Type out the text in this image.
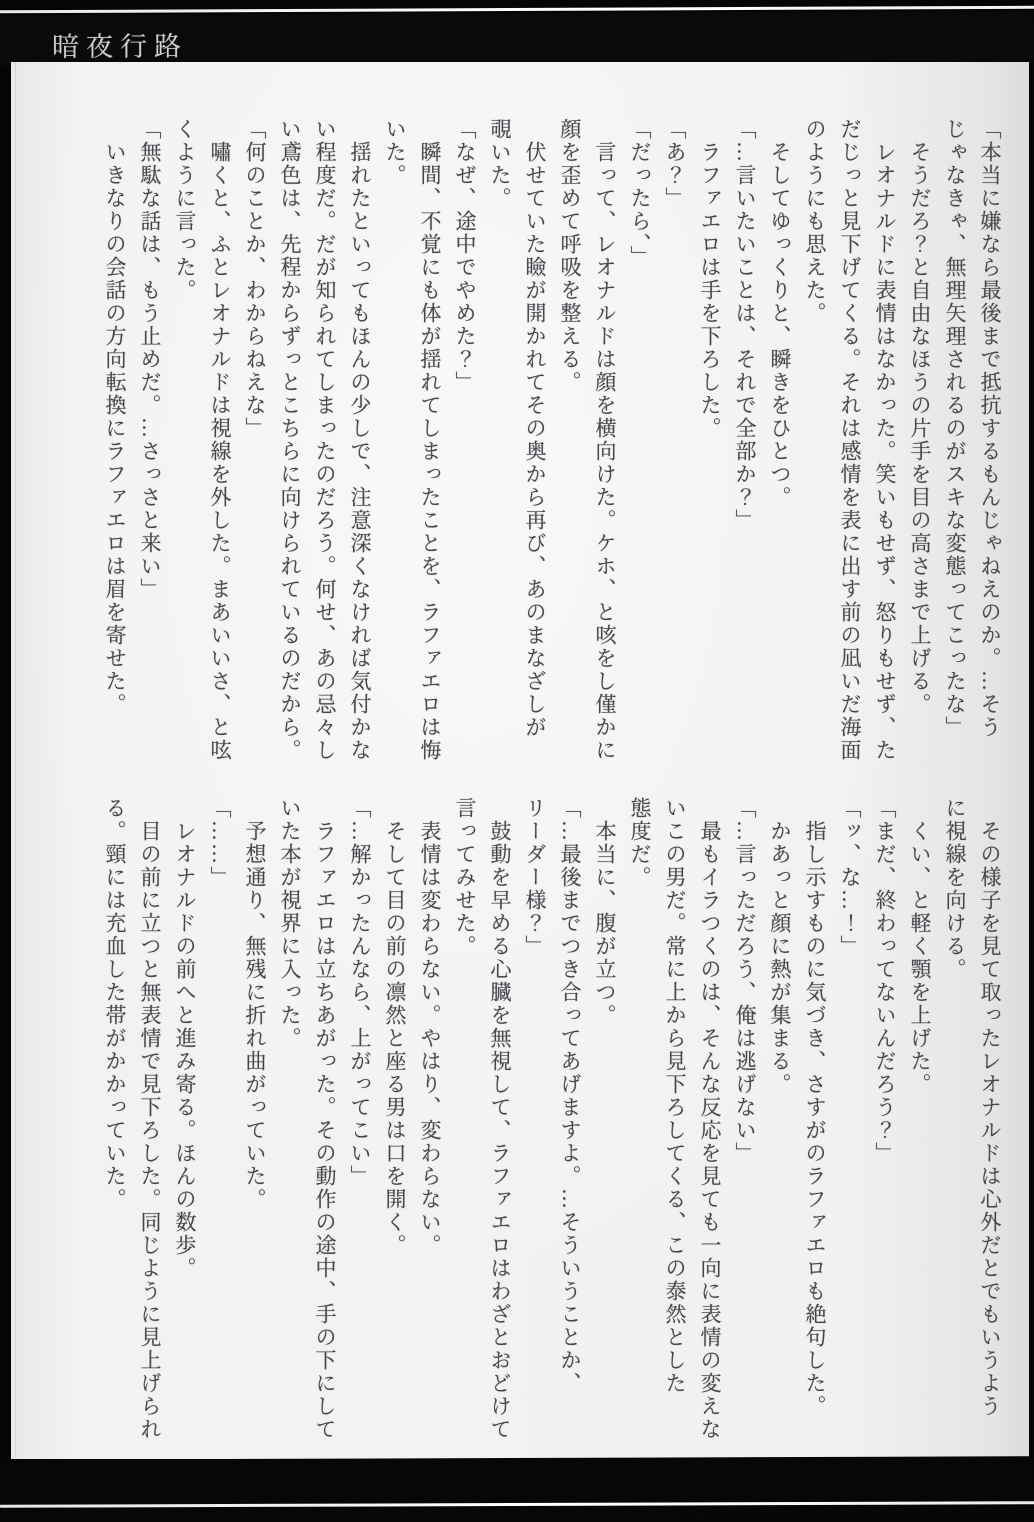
暗夜行路

「本当に嫌なら最後まで抵抗するもんじゃねえのか。…そう

じゃなきゃ、無理矢理されるのがスキな変態ってこったな」

　そうだろ？と自由なほうの片手を目の高さまで上げる。

　レオナルドに表情はなかった。笑いもせず、怒りもせず、た

だじっと見下げてくる。それは感情を表に出す前の凪いだ海面

のようにも思えた。

　そしてゆっくりと、瞬きをひとつ。

「…言いたいことは、それで全部か？」

　ラファエロは手を下ろした。

「あ？」

「だったら、」

　言って、レオナルドは顔を横向けた。ケホ、と咳をし僅かに

顔を歪めて呼吸を整える。

　伏せていた瞼が開かれてその奥から再び、あのまなざしが

覗いた。

「なぜ、途中でやめた？」

　瞬間、不覚にも体が揺れてしまったことを、ラファエロは悔

いた。

　揺れたといってもほんの少しで、注意深くなければ気付かな

い程度だ。だが知られてしまったのだろう。何せ、あの忌々し

い鳶色は、先程からずっとこちらに向けられているのだから。

「何のことか、わからねえな」

　嘯くと、ふとレオナルドは視線を外した。まあいいさ、と呟

くように言った。

「無駄な話は、もう止めだ。…さっさと来い」

　いきなりの会話の方向転換にラファエロは眉を寄せた。

　その様子を見て取ったレオナルドは心外だとでもいうよう

に視線を向ける。

　くい、と軽く顎を上げた。

「まだ、終わってないんだろう？」

「ッ、な…！」

　指し示すものに気づき、さすがのラファエロも絶句した。

　かあっと顔に熱が集まる。

「…言っただろう、俺は逃げない」

　最もイラつくのは、そんな反応を見ても一向に表情の変えな

いこの男だ。常に上から見下ろしてくる、この泰然とした

態度だ。

　本当に、腹が立つ。

「…最後までつき合ってあげますよ。…そういうことか、

リーダー様？」

　鼓動を早める心臓を無視して、ラファエロはわざとおどけて

言ってみせた。

　表情は変わらない。やはり、変わらない。

　そして目の前の凛然と座る男は口を開く。

「…解かったんなら、上がってこい」

　ラファエロは立ちあがった。その動作の途中、手の下にして

いた本が視界に入った。

　予想通り、無残に折れ曲がっていた。

「……」

　レオナルドの前へと進み寄る。ほんの数歩。

　目の前に立つと無表情で見下ろした。同じように見上げられ

る。頸には充血した帯がかかっていた。
